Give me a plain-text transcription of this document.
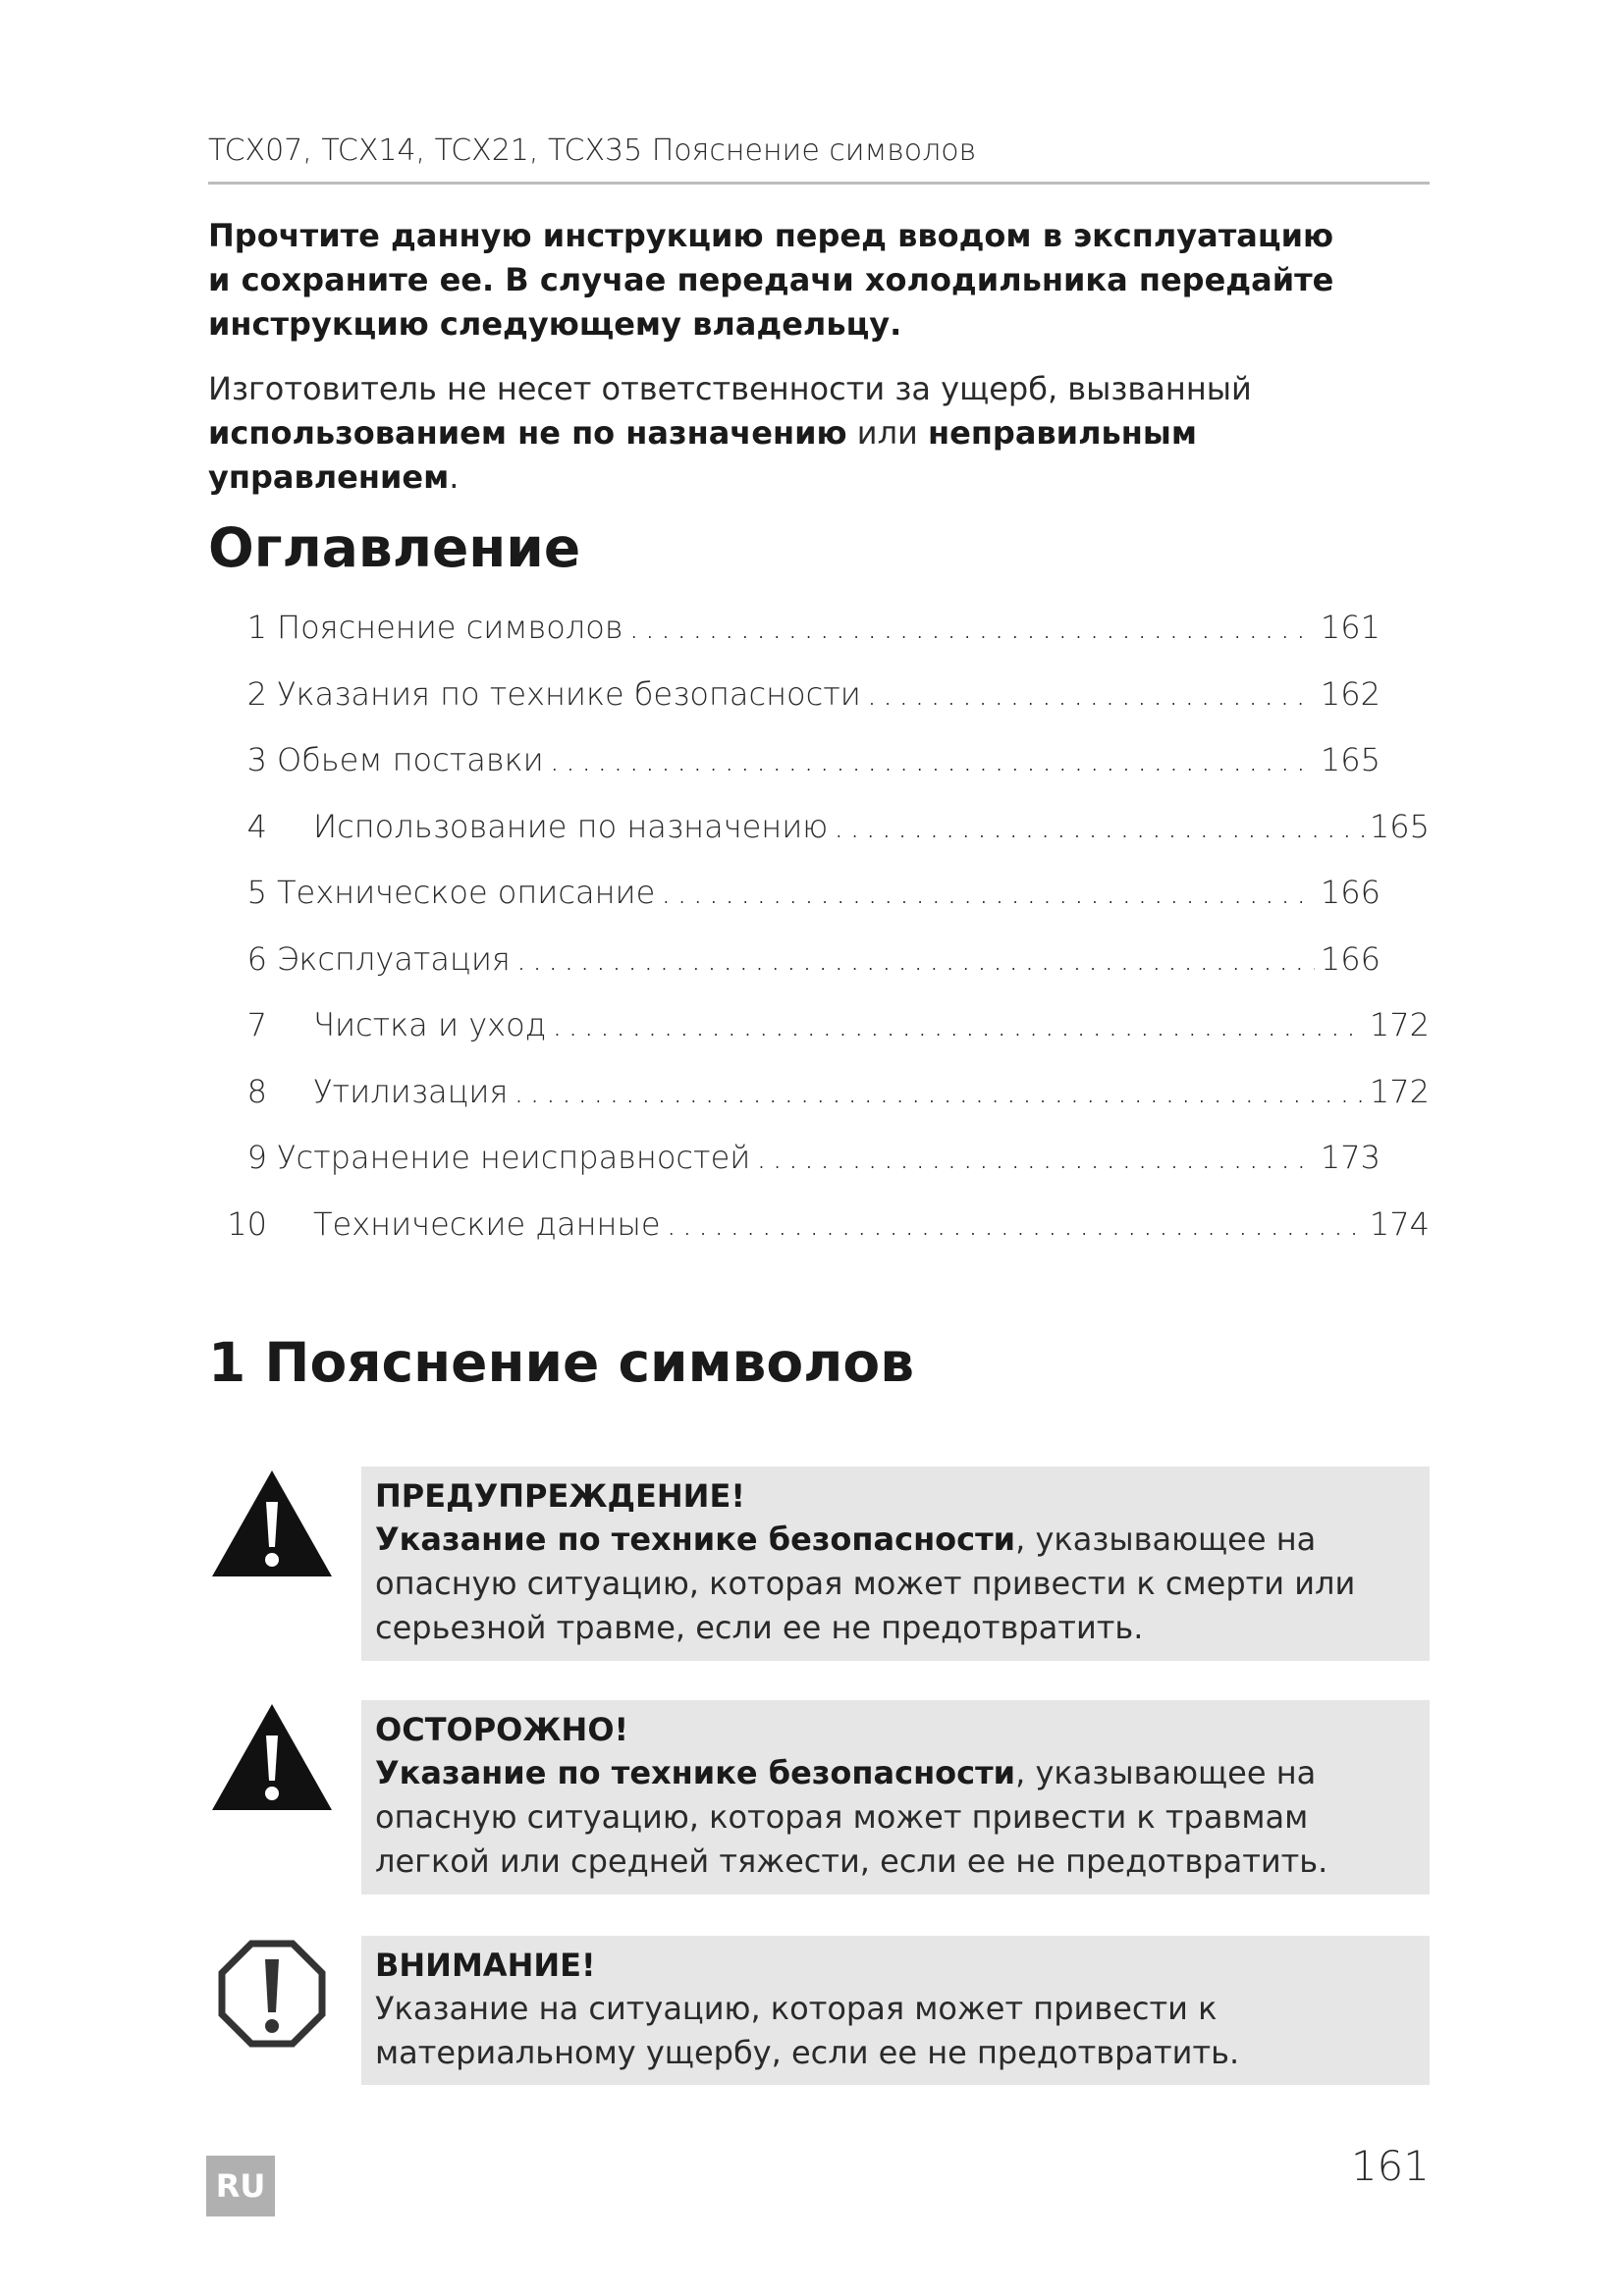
TCX07, TCX14, TCX21, TCX35 Пояснение символов
Прочтите данную инструкцию перед вводом в эксплуатацию
и сохраните ее. В случае передачи холодильника передайте
инструкцию следующему владельцу.
Изготовитель не несет ответственности за ущерб, вызванный использованием не по назначению или неправильным управлением.
Оглавление
1 Пояснение символов .....	161
2 Указания по технике безопасности .....	162
3 Обьем поставки .....	165
4	Использование по назначению .....	165
5 Техническое описание .....	166
6 Эксплуатация .....	166
7	Чистка и уход .....	172
8	Утилизация .....	172
9 Устранение неисправностей .....	173
10	Технические данные .....	174
1 Пояснение символов
ПРЕДУПРЕЖДЕНИЕ!
Указание по технике безопасности, указывающее на опасную ситуацию, которая может привести к смерти или серьезной травме, если ее не предотвратить.
ОСТОРОЖНО!
Указание по технике безопасности, указывающее на опасную ситуацию, которая может привести к травмам легкой или средней тяжести, если ее не предотвратить.
ВНИМАНИЕ!
Указание на ситуацию, которая может привести к материальному ущербу, если ее не предотвратить.
RU	161
